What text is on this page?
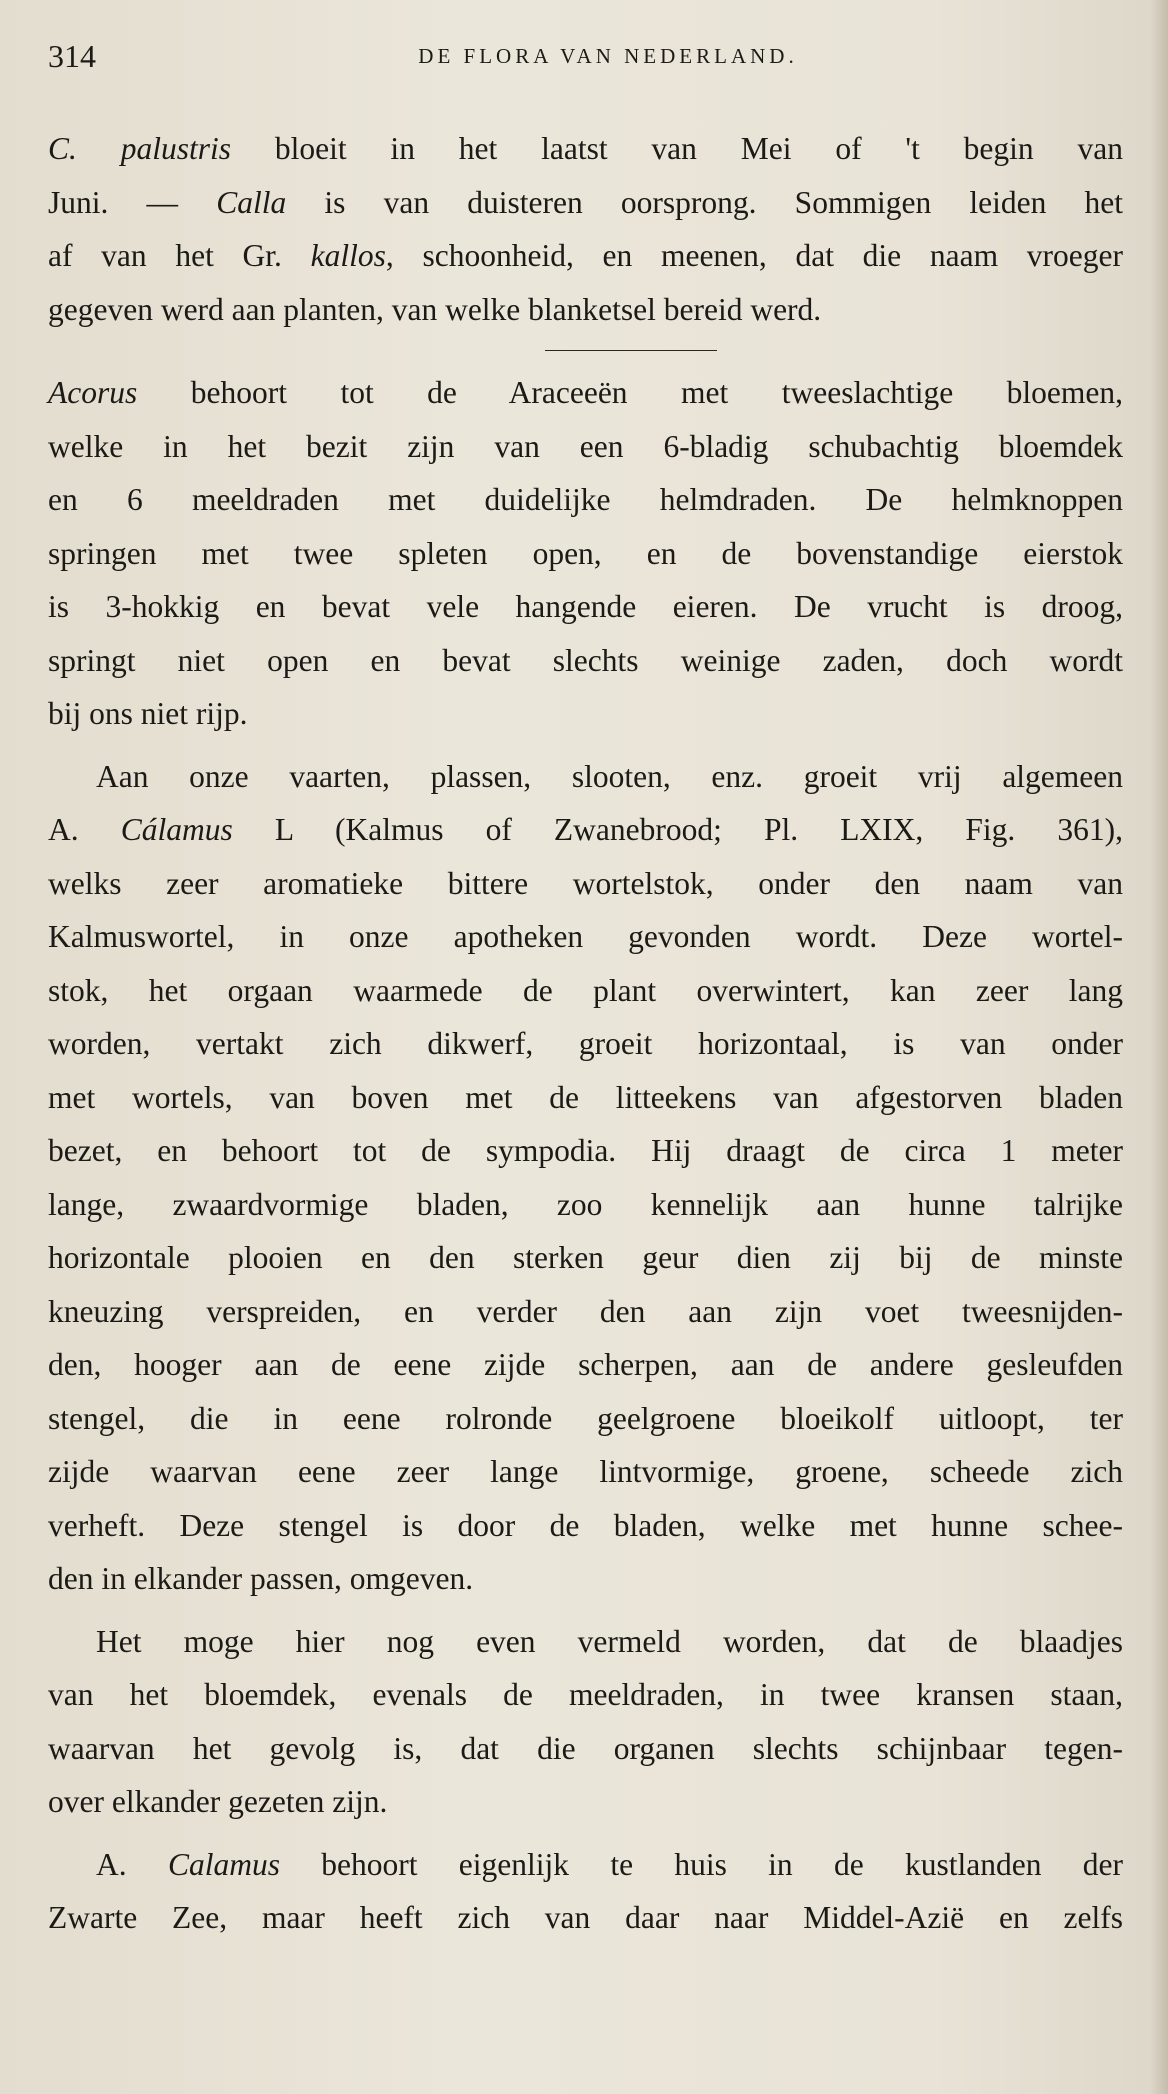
314	DE FLORA VAN NEDERLAND.

C. palustris bloeit in het laatst van Mei of 't begin van
Juni. — Calla is van duisteren oorsprong. Sommigen leiden het
af van het Gr. kallos, schoonheid, en meenen, dat die naam vroeger
gegeven werd aan planten, van welke blanketsel bereid werd.

Acorus behoort tot de Araceeën met tweeslachtige bloemen,
welke in het bezit zijn van een 6-bladig schubachtig bloemdek
en 6 meeldraden met duidelijke helmdraden. De helmknoppen
springen met twee spleten open, en de bovenstandige eierstok
is 3-hokkig en bevat vele hangende eieren. De vrucht is droog,
springt niet open en bevat slechts weinige zaden, doch wordt
bij ons niet rijp.

Aan onze vaarten, plassen, slooten, enz. groeit vrij algemeen
A. Cálamus L (Kalmus of Zwanebrood; Pl. LXIX, Fig. 361),
welks zeer aromatieke bittere wortelstok, onder den naam van
Kalmuswortel, in onze apotheken gevonden wordt. Deze wortel-
stok, het orgaan waarmede de plant overwintert, kan zeer lang
worden, vertakt zich dikwerf, groeit horizontaal, is van onder
met wortels, van boven met de litteekens van afgestorven bladen
bezet, en behoort tot de sympodia. Hij draagt de circa 1 meter
lange, zwaardvormige bladen, zoo kennelijk aan hunne talrijke
horizontale plooien en den sterken geur dien zij bij de minste
kneuzing verspreiden, en verder den aan zijn voet tweesnijden-
den, hooger aan de eene zijde scherpen, aan de andere gesleufden
stengel, die in eene rolronde geelgroene bloeikolf uitloopt, ter
zijde waarvan eene zeer lange lintvormige, groene, scheede zich
verheft. Deze stengel is door de bladen, welke met hunne schee-
den in elkander passen, omgeven.

Het moge hier nog even vermeld worden, dat de blaadjes
van het bloemdek, evenals de meeldraden, in twee kransen staan,
waarvan het gevolg is, dat die organen slechts schijnbaar tegen-
over elkander gezeten zijn.

A. Calamus behoort eigenlijk te huis in de kustlanden der
Zwarte Zee, maar heeft zich van daar naar Middel-Azië en zelfs
